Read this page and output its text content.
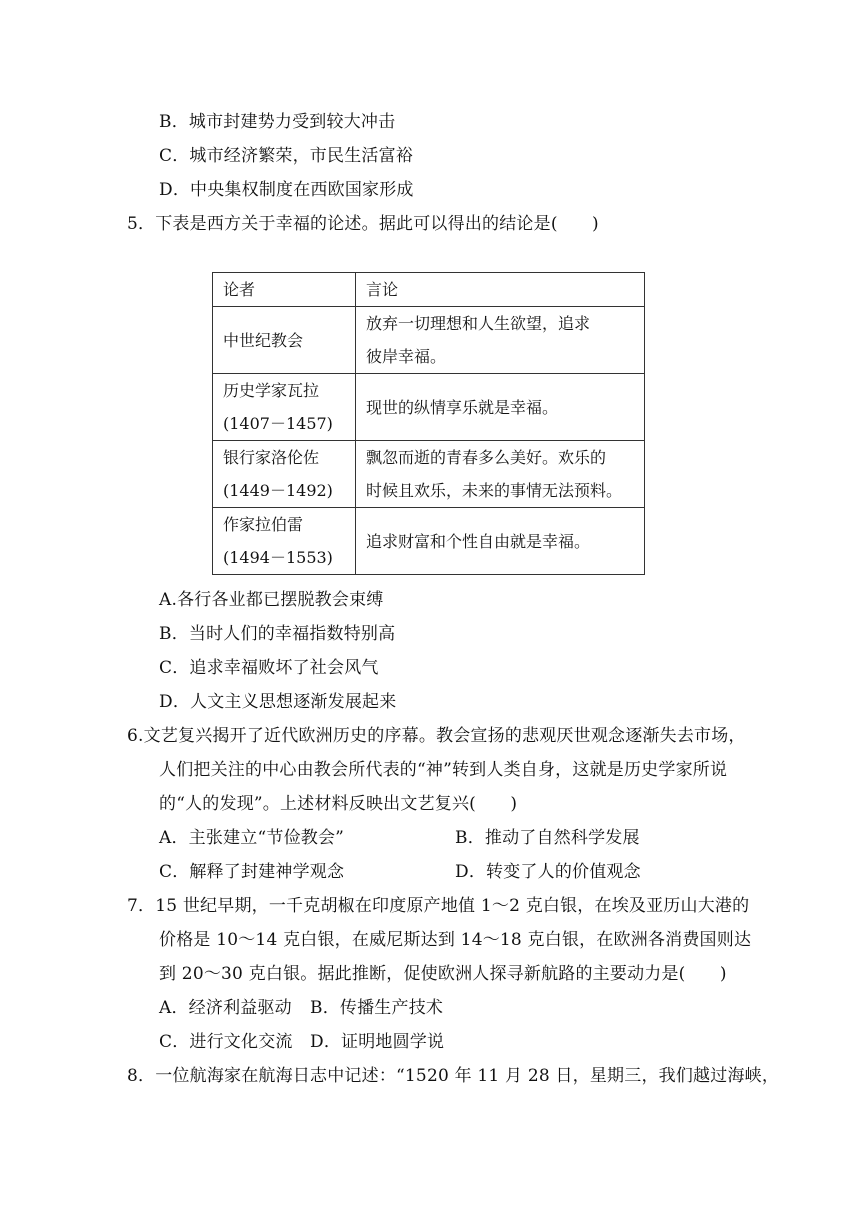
B．城市封建势力受到较大冲击
C．城市经济繁荣，市民生活富裕
D．中央集权制度在西欧国家形成
5．下表是西方关于幸福的论述。据此可以得出的结论是(　　)
论者	言论

中世纪教会	放弃一切理想和人生欲望，追求
彼岸幸福。

历史学家瓦拉
(1407－1457)	现世的纵情享乐就是幸福。

银行家洛伦佐
(1449－1492)	飘忽而逝的青春多么美好。欢乐的
时候且欢乐，未来的事情无法预料。

作家拉伯雷
(1494－1553)	追求财富和个性自由就是幸福。
A.各行各业都已摆脱教会束缚
B．当时人们的幸福指数特别高
C．追求幸福败坏了社会风气
D．人文主义思想逐渐发展起来
6.文艺复兴揭开了近代欧洲历史的序幕。教会宣扬的悲观厌世观念逐渐失去市场，
人们把关注的中心由教会所代表的“神”转到人类自身，这就是历史学家所说
的“人的发现”。上述材料反映出文艺复兴(　　)
A．主张建立“节俭教会”	B．推动了自然科学发展
C．解释了封建神学观念	D．转变了人的价值观念
7．15 世纪早期，一千克胡椒在印度原产地值 1～2 克白银，在埃及亚历山大港的
价格是 10～14 克白银，在威尼斯达到 14～18 克白银，在欧洲各消费国则达
到 20～30 克白银。据此推断，促使欧洲人探寻新航路的主要动力是(　　)
A．经济利益驱动 B．传播生产技术
C．进行文化交流 D．证明地圆学说
8．一位航海家在航海日志中记述：“1520 年 11 月 28 日，星期三，我们越过海峡，
